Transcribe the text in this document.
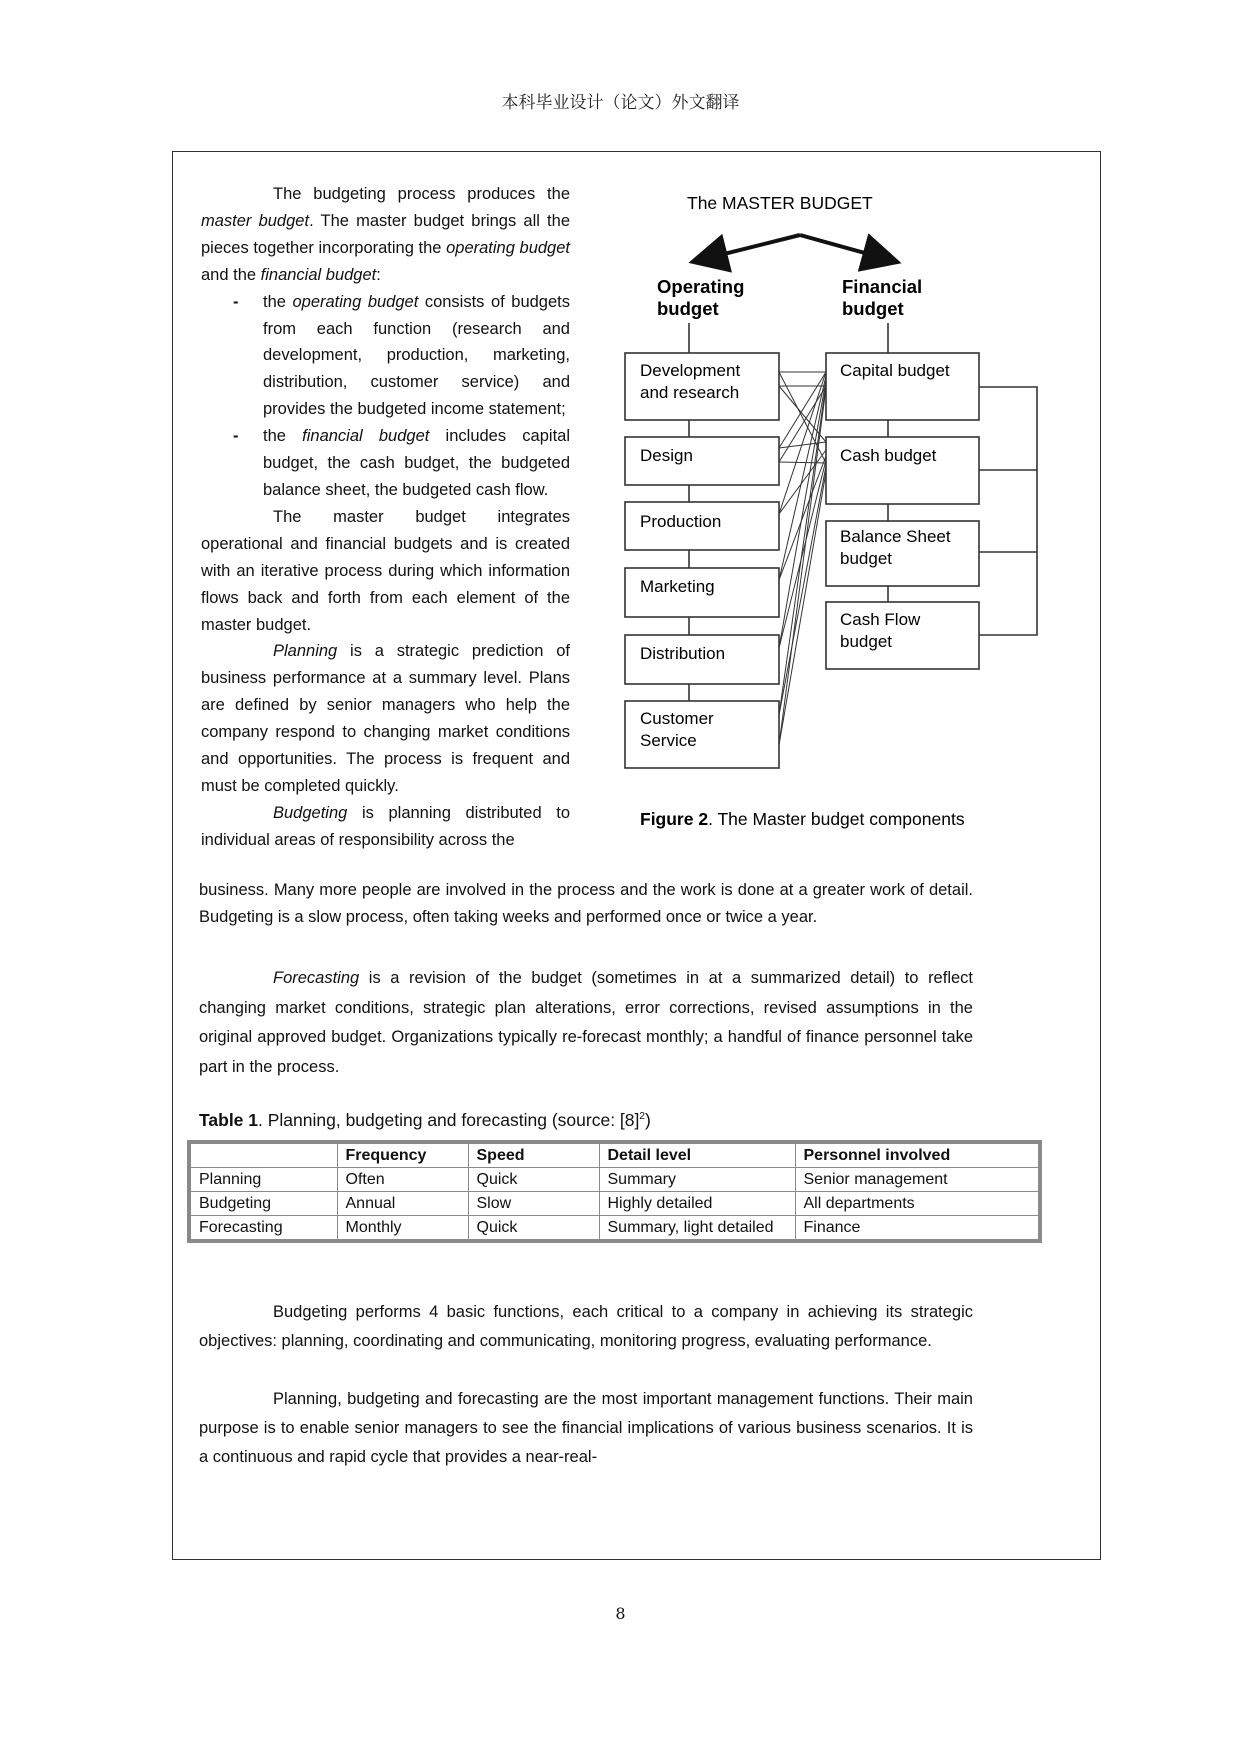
本科毕业设计（论文）外文翻译

The budgeting process produces the master budget. The master budget brings all the pieces together incorporating the operating budget and the financial budget:

- the operating budget consists of budgets from each function (research and development, production, marketing, distribution, customer service) and provides the budgeted income statement;
- the financial budget includes capital budget, the cash budget, the budgeted balance sheet, the budgeted cash flow.

The master budget integrates operational and financial budgets and is created with an iterative process during which information flows back and forth from each element of the master budget.

Planning is a strategic prediction of business performance at a summary level. Plans are defined by senior managers who help the company respond to changing market conditions and opportunities. The process is frequent and must be completed quickly.

Budgeting is planning distributed to individual areas of responsibility across the

The MASTER BUDGET
Operating
budget
Financial
budget
Development
and research
Design
Production
Marketing
Distribution
Customer
Service
Capital budget
Cash budget
Balance Sheet
budget
Cash Flow
budget
Figure 2. The Master budget components
business. Many more people are involved in the process and the work is done at a greater work of detail. Budgeting is a slow process, often taking weeks and performed once or twice a year.
Forecasting is a revision of the budget (sometimes in at a summarized detail) to reflect changing market conditions, strategic plan alterations, error corrections, revised assumptions in the original approved budget. Organizations typically re-forecast monthly; a handful of finance personnel take part in the process.
Table 1. Planning, budgeting and forecasting (source: $[8]^2$)
	Frequency	Speed	Detail level	Personnel involved
Planning	Often	Quick	Summary	Senior management
Budgeting	Annual	Slow	Highly detailed	All departments
Forecasting	Monthly	Quick	Summary, light detailed	Finance
Budgeting performs 4 basic functions, each critical to a company in achieving its strategic objectives: planning, coordinating and communicating, monitoring progress, evaluating performance.
Planning, budgeting and forecasting are the most important management functions. Their main purpose is to enable senior managers to see the financial implications of various business scenarios. It is a continuous and rapid cycle that provides a near-real-
8
